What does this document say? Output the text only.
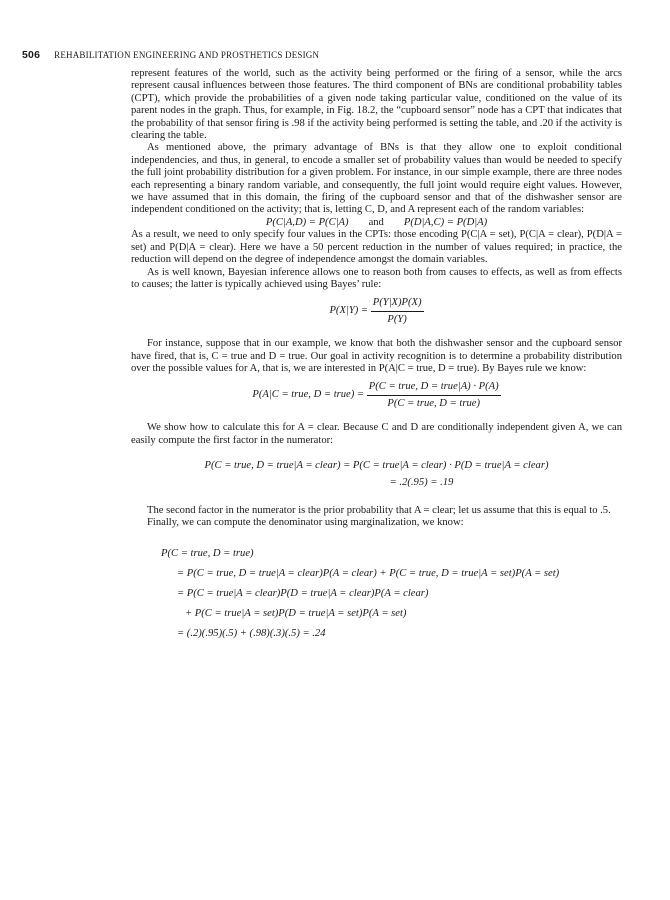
506 REHABILITATION ENGINEERING AND PROSTHETICS DESIGN

represent features of the world, such as the activity being performed or the firing of a sensor, while the arcs represent causal influences between those features. The third component of BNs are conditional probability tables (CPT), which provide the probabilities of a given node taking particular value, conditioned on the value of its parent nodes in the graph. Thus, for example, in Fig. 18.2, the “cupboard sensor” node has a CPT that indicates that the probability of that sensor firing is .98 if the activity being performed is setting the table, and .20 if the activity is clearing the table.

As mentioned above, the primary advantage of BNs is that they allow one to exploit conditional independencies, and thus, in general, to encode a smaller set of probability values than would be needed to specify the full joint probability distribution for a given problem. For instance, in our simple example, there are three nodes each representing a binary random variable, and consequently, the full joint would require eight values. However, we have assumed that in this domain, the firing of the cupboard sensor and that of the dishwasher sensor are independent conditioned on the activity; that is, letting C, D, and A represent each of the random variables:

P(C|A,D) = P(C|A) and P(D|A,C) = P(D|A)

As a result, we need to only specify four values in the CPTs: those encoding P(C|A = set), P(C|A = clear), P(D|A = set) and P(D|A = clear). Here we have a 50 percent reduction in the number of values required; in practice, the reduction will depend on the degree of independence amongst the domain variables.

As is well known, Bayesian inference allows one to reason both from causes to effects, as well as from effects to causes; the latter is typically achieved using Bayes’ rule:

$P(X|Y) = \frac{P(Y|X)P(X)}{P(Y)}$

For instance, suppose that in our example, we know that both the dishwasher sensor and the cupboard sensor have fired, that is, C = true and D = true. Our goal in activity recognition is to determine a probability distribution over the possible values for A, that is, we are interested in P(A|C = true, D = true). By Bayes rule we know:

P(A|C = true, D = true) = $\frac{\text{P(C = true, D = true|A) · P(A)}}{\text{P(C = true, D = true)}}$

We show how to calculate this for A = clear. Because C and D are conditionally independent given A, we can easily compute the first factor in the numerator:

P(C = true, D = true|A = clear) = P(C = true|A = clear) · P(D = true|A = clear)
= .2(.95) = .19

The second factor in the numerator is the prior probability that A = clear; let us assume that this is equal to .5.

Finally, we can compute the denominator using marginalization, we know:

P(C = true, D = true)
= P(C = true, D = true|A = clear)P(A = clear) + P(C = true, D = true|A = set)P(A = set)
= P(C = true|A = clear)P(D = true|A = clear)P(A = clear)
+ P(C = true|A = set)P(D = true|A = set)P(A = set)
= (.2)(.95)(.5) + (.98)(.3)(.5) = .24
